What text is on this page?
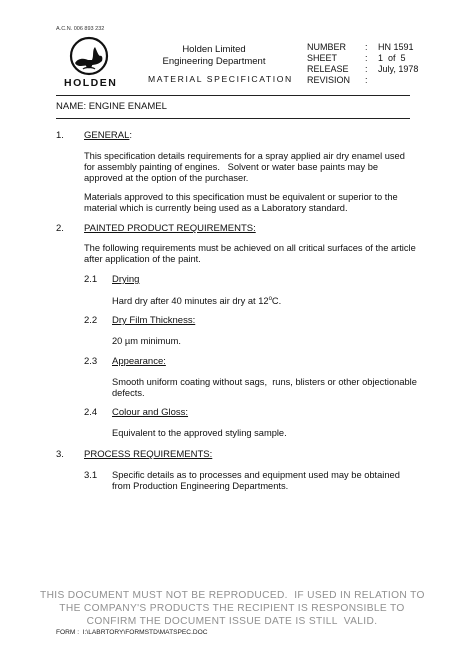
A.C.N. 006 893 232
HOLDEN
Holden Limited
Engineering Department
MATERIAL SPECIFICATION
NUMBER	:	HN 1591
SHEET	:	1  of  5
RELEASE	:	July, 1978
REVISION	:	
NAME: ENGINE ENAMEL
1. GENERAL:
This specification details requirements for a spray applied air dry enamel used
for assembly painting of engines.   Solvent or water base paints may be
approved at the option of the purchaser.
Materials approved to this specification must be equivalent or superior to the
material which is currently being used as a Laboratory standard.
2. PAINTED PRODUCT REQUIREMENTS:
The following requirements must be achieved on all critical surfaces of the article
after application of the paint.
2.1 Drying
Hard dry after 40 minutes air dry at 12$^o$C.
2.2 Dry Film Thickness:
20 µm minimum.
2.3 Appearance:
Smooth uniform coating without sags,  runs, blisters or other objectionable
defects.
2.4 Colour and Gloss:
Equivalent to the approved styling sample.
3. PROCESS REQUIREMENTS:
3.1 Specific details as to processes and equipment used may be obtained
from Production Engineering Departments.
THIS DOCUMENT MUST NOT BE REPRODUCED.  IF USED IN RELATION TO
THE COMPANY'S PRODUCTS THE RECIPIENT IS RESPONSIBLE TO
CONFIRM THE DOCUMENT ISSUE DATE IS STILL  VALID.
FORM :  I:\LABRTORY\FORMSTD\MATSPEC.DOC
